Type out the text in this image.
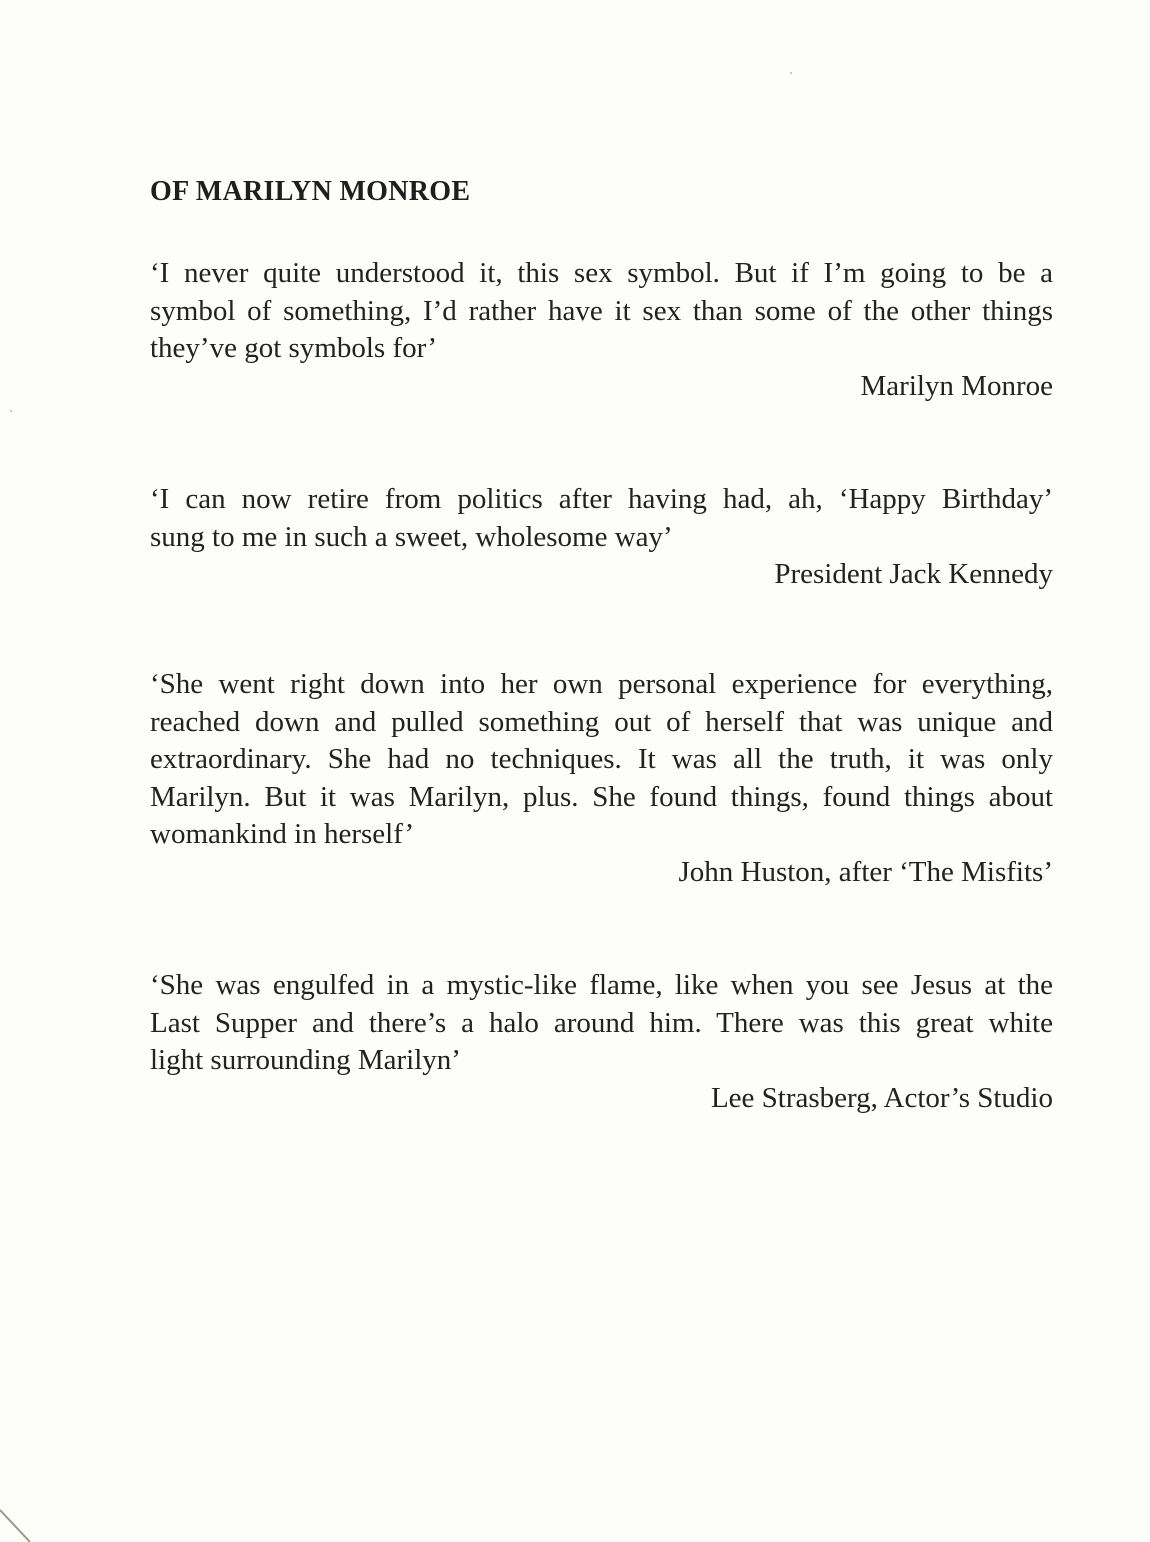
OF MARILYN MONROE
‘I never quite understood it, this sex symbol. But if I’m going to be a
symbol of something, I’d rather have it sex than some of the other things
they’ve got symbols for’
Marilyn Monroe
‘I can now retire from politics after having had, ah, ‘Happy Birthday’
sung to me in such a sweet, wholesome way’
President Jack Kennedy
‘She went right down into her own personal experience for everything,
reached down and pulled something out of herself that was unique and
extraordinary. She had no techniques. It was all the truth, it was only
Marilyn. But it was Marilyn, plus. She found things, found things about
womankind in herself’
John Huston, after ‘The Misfits’
‘She was engulfed in a mystic-like flame, like when you see Jesus at the
Last Supper and there’s a halo around him. There was this great white
light surrounding Marilyn’
Lee Strasberg, Actor’s Studio
